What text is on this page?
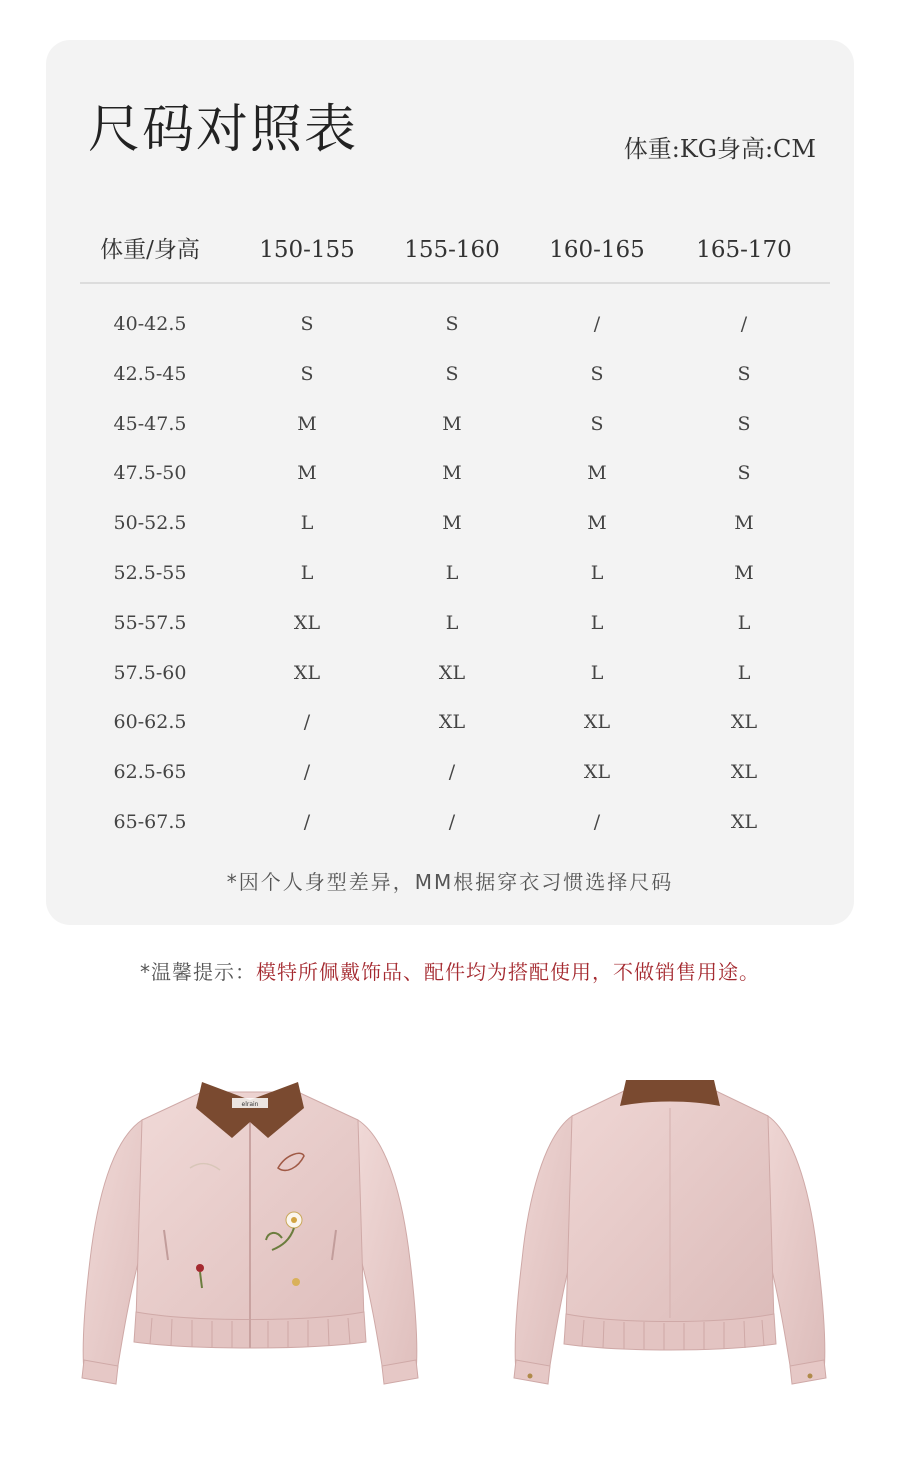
尺码对照表	体重:KG身高:CM
体重/身高	150-155	155-160	160-165	165-170
40-42.5	S	S	/	/
42.5-45	S	S	S	S
45-47.5	M	M	S	S
47.5-50	M	M	M	S
50-52.5	L	M	M	M
52.5-55	L	L	L	M
55-57.5	XL	L	L	L
57.5-60	XL	XL	L	L
60-62.5	/	XL	XL	XL
62.5-65	/	/	XL	XL
65-67.5	/	/	/	XL
*因个人身型差异，MM根据穿衣习惯选择尺码
*温馨提示：模特所佩戴饰品、配件均为搭配使用，不做销售用途。
elrain
